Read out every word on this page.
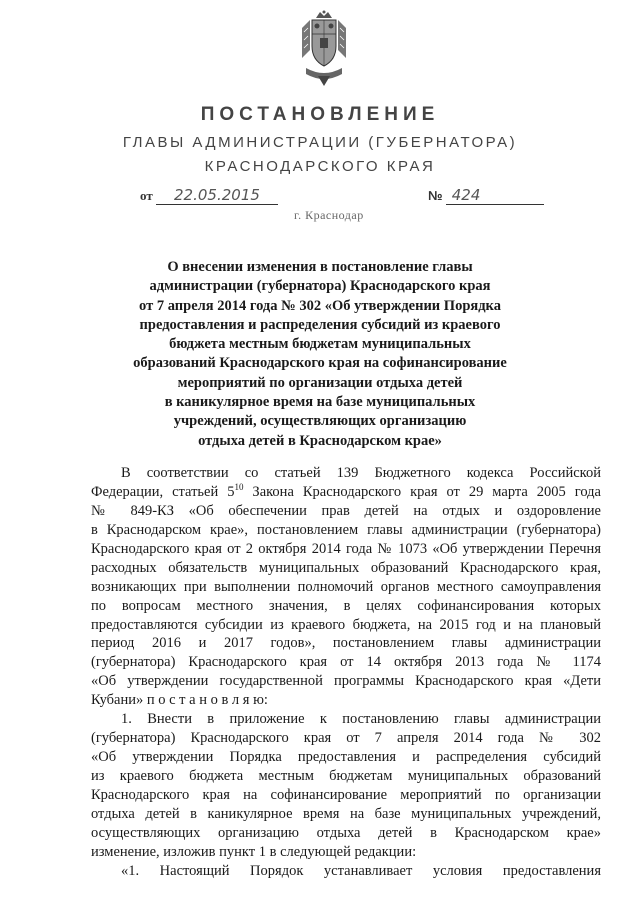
ПОСТАНОВЛЕНИЕ
ГЛАВЫ АДМИНИСТРАЦИИ (ГУБЕРНАТОРА)
КРАСНОДАРСКОГО КРАЯ
от 22.05.2015	№ 424
г. Краснодар
О внесении изменения в постановление главы
администрации (губернатора) Краснодарского края
от 7 апреля 2014 года № 302 «Об утверждении Порядка
предоставления и распределения субсидий из краевого
бюджета местным бюджетам муниципальных
образований Краснодарского края на софинансирование
мероприятий по организации отдыха детей
в каникулярное время на базе муниципальных
учреждений, осуществляющих организацию
отдыха детей в Краснодарском крае»
В соответствии со статьей 139 Бюджетного кодекса Российской
Федерации, статьей $5^{10}$ Закона Краснодарского края от 29 марта 2005 года
№ 849-КЗ «Об обеспечении прав детей на отдых и оздоровление
в Краснодарском крае», постановлением главы администрации (губернатора)
Краснодарского края от 2 октября 2014 года № 1073 «Об утверждении Перечня
расходных обязательств муниципальных образований Краснодарского края,
возникающих при выполнении полномочий органов местного самоуправления
по вопросам местного значения, в целях софинансирования которых
предоставляются субсидии из краевого бюджета, на 2015 год и на плановый
период 2016 и 2017 годов», постановлением главы администрации
(губернатора) Краснодарского края от 14 октября 2013 года № 1174
«Об утверждении государственной программы Краснодарского края «Дети
Кубани» п о с т а н о в л я ю:
1. Внести в приложение к постановлению главы администрации
(губернатора) Краснодарского края от 7 апреля 2014 года № 302
«Об утверждении Порядка предоставления и распределения субсидий
из краевого бюджета местным бюджетам муниципальных образований
Краснодарского края на софинансирование мероприятий по организации
отдыха детей в каникулярное время на базе муниципальных учреждений,
осуществляющих организацию отдыха детей в Краснодарском крае»
изменение, изложив пункт 1 в следующей редакции:
«1. Настоящий Порядок устанавливает условия предоставления
